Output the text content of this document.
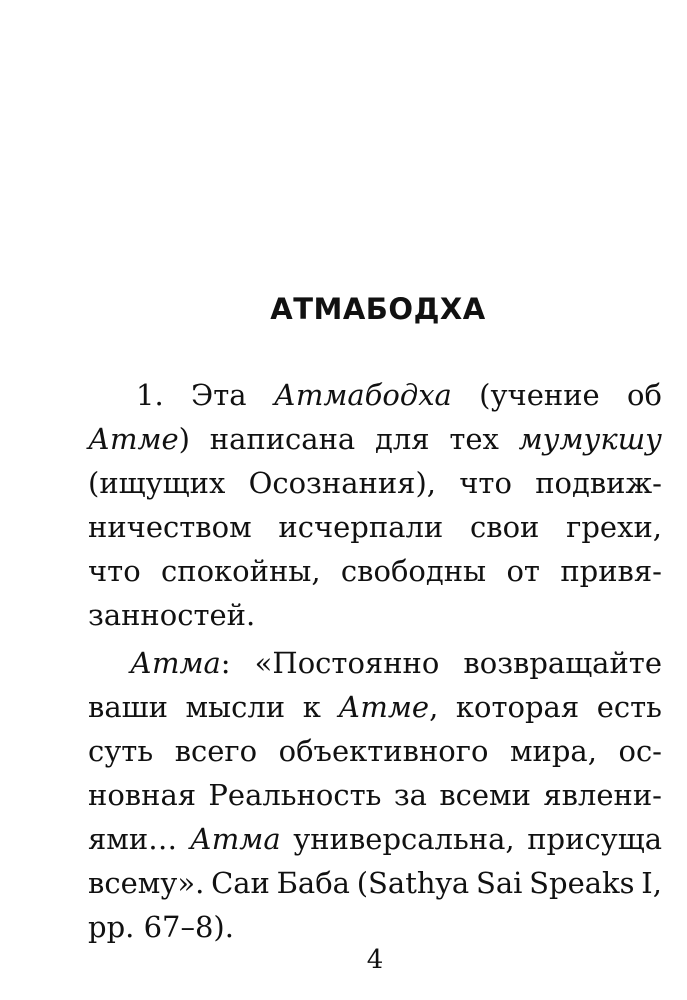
АТМАБОДХА
1. Эта Атмабодха (учение об
Атме) написана для тех мумукшу
(ищущих Осознания), что подвиж-
ничеством исчерпали свои грехи,
что спокойны, свободны от привя-
занностей.
Атма: «Постоянно возвращайте
ваши мысли к Атме, которая есть
суть всего объективного мира, ос-
новная Реальность за всеми явлени-
ями… Атма универсальна, присуща
всему». Саи Баба (Sathya Sai Speaks I,
pp. 67–8).
4
